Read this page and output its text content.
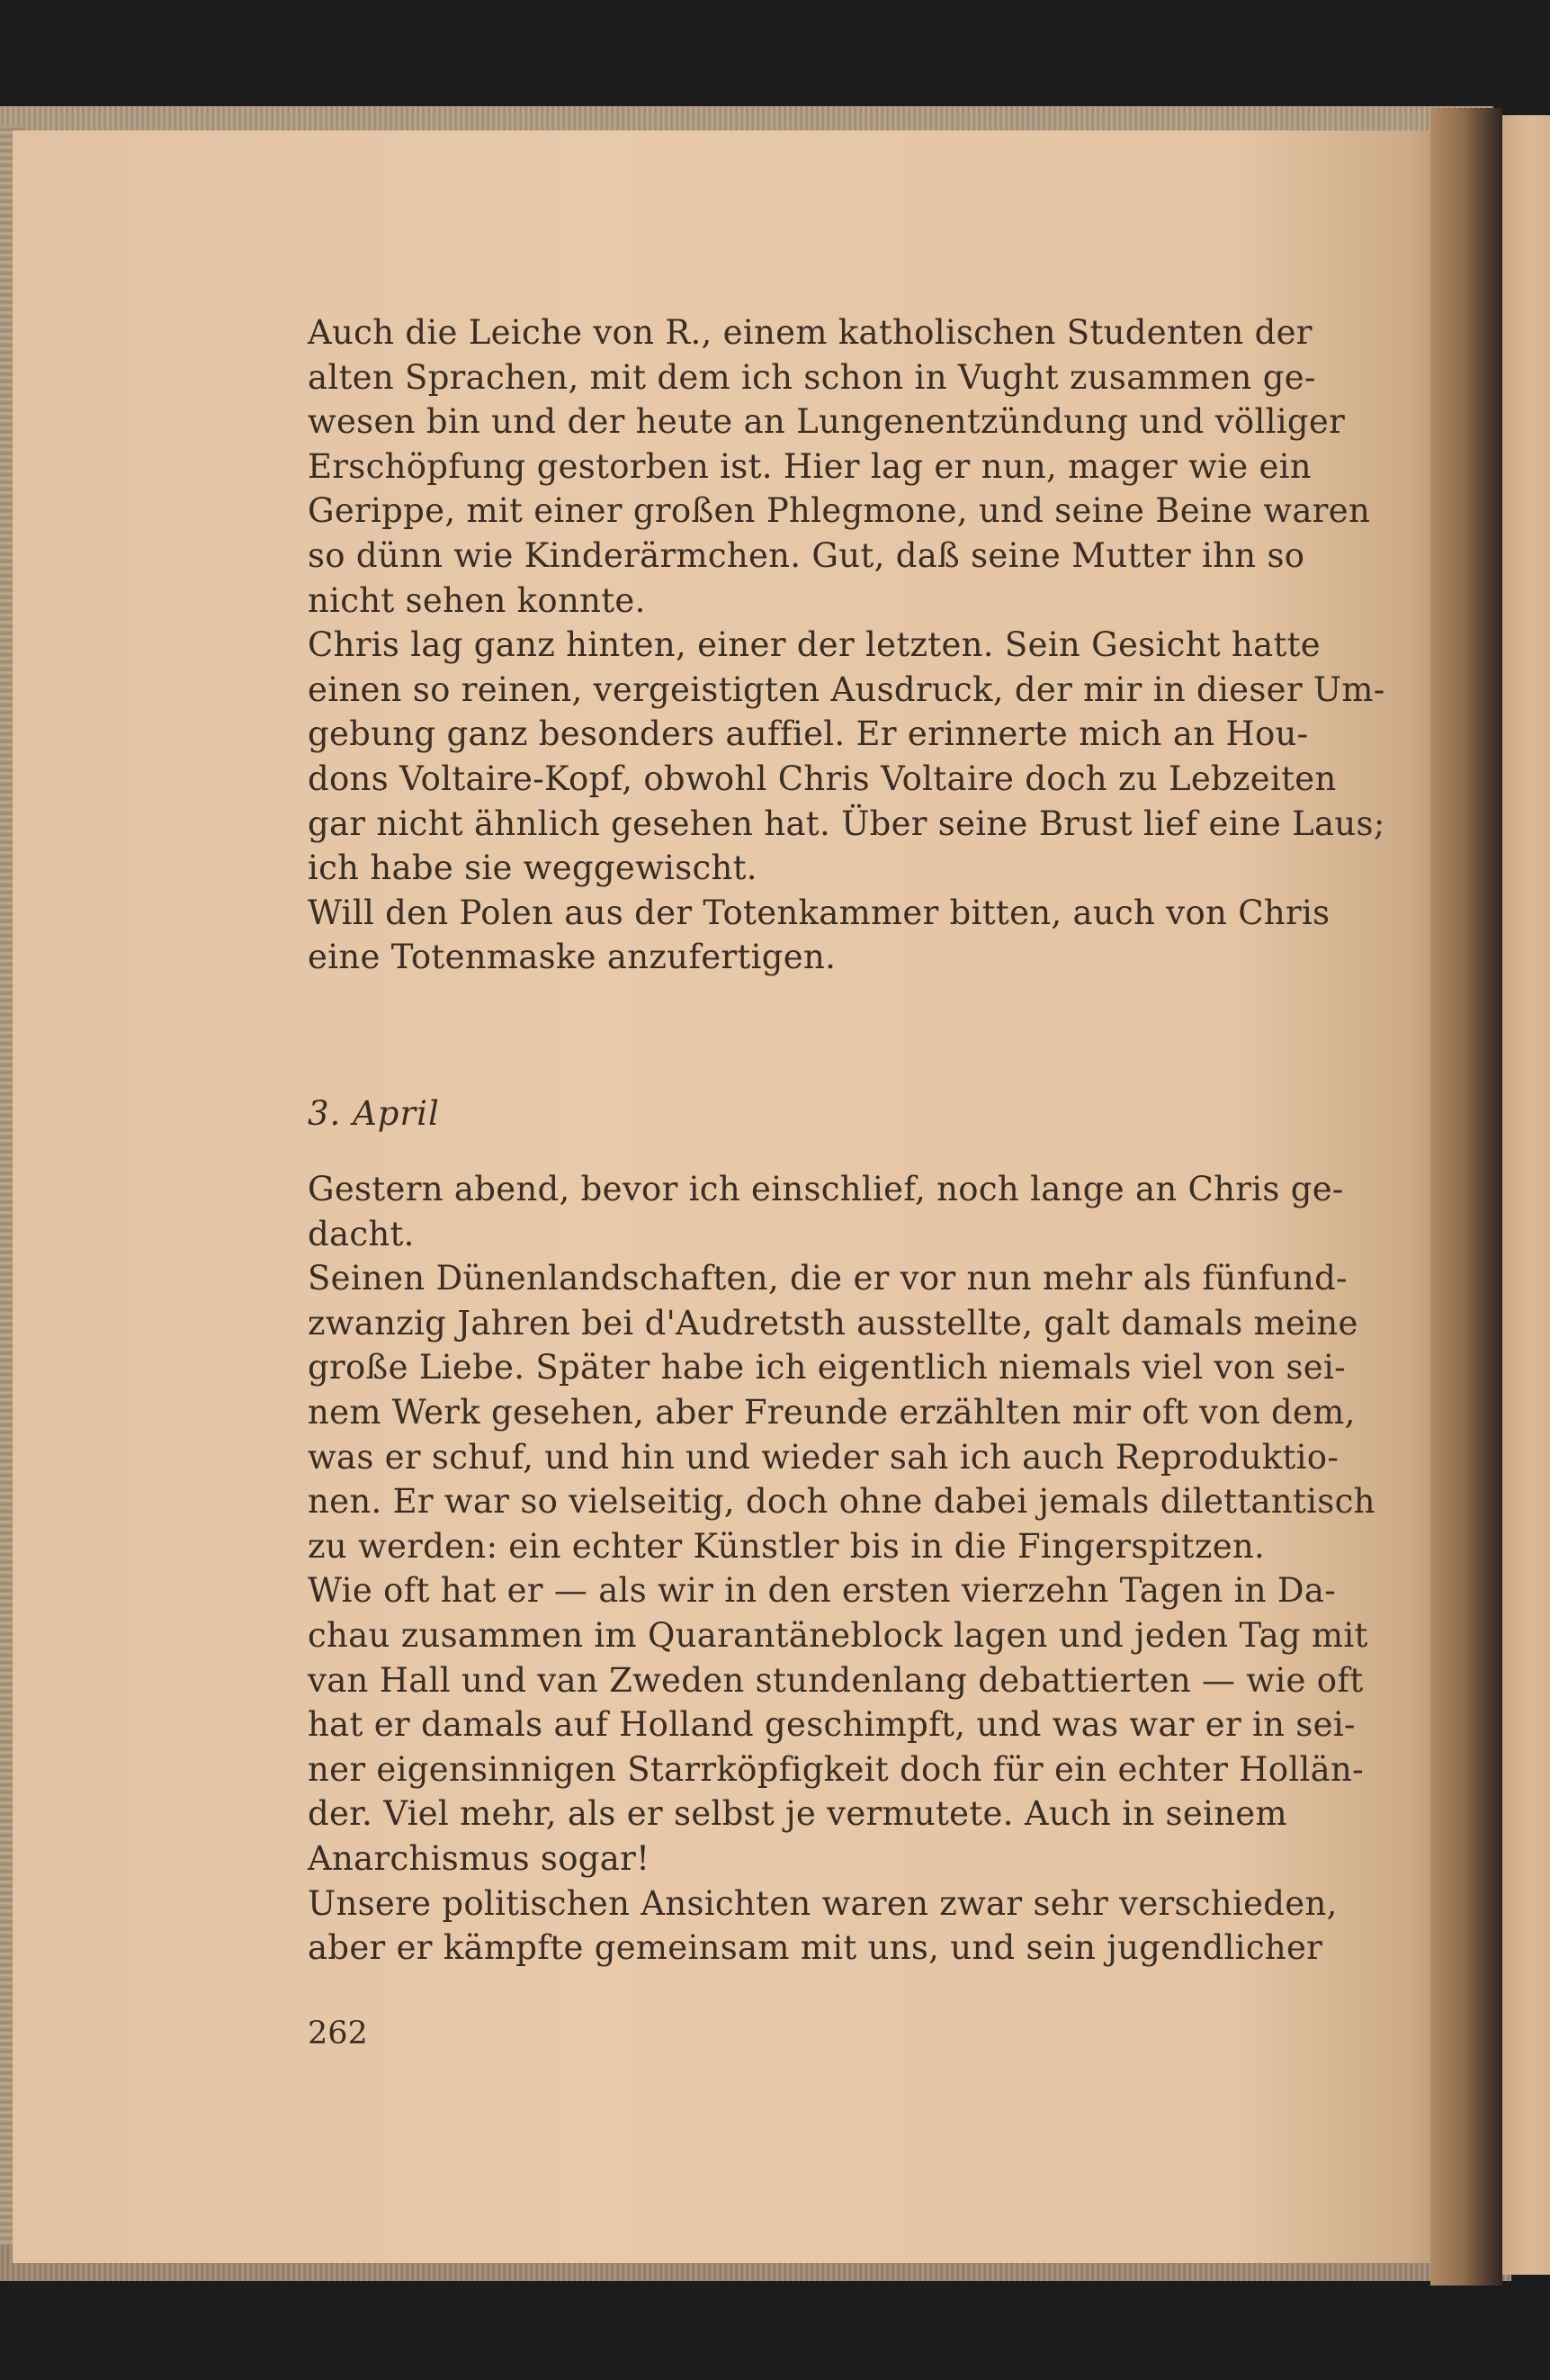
Auch die Leiche von R., einem katholischen Studenten der
alten Sprachen, mit dem ich schon in Vught zusammen ge-
wesen bin und der heute an Lungenentzündung und völliger
Erschöpfung gestorben ist. Hier lag er nun, mager wie ein
Gerippe, mit einer großen Phlegmone, und seine Beine waren
so dünn wie Kinderärmchen. Gut, daß seine Mutter ihn so
nicht sehen konnte.
Chris lag ganz hinten, einer der letzten. Sein Gesicht hatte
einen so reinen, vergeistigten Ausdruck, der mir in dieser Um-
gebung ganz besonders auffiel. Er erinnerte mich an Hou-
dons Voltaire-Kopf, obwohl Chris Voltaire doch zu Lebzeiten
gar nicht ähnlich gesehen hat. Über seine Brust lief eine Laus;
ich habe sie weggewischt.
Will den Polen aus der Totenkammer bitten, auch von Chris
eine Totenmaske anzufertigen.
3. April
Gestern abend, bevor ich einschlief, noch lange an Chris ge-
dacht.
Seinen Dünenlandschaften, die er vor nun mehr als fünfund-
zwanzig Jahren bei d'Audretsth ausstellte, galt damals meine
große Liebe. Später habe ich eigentlich niemals viel von sei-
nem Werk gesehen, aber Freunde erzählten mir oft von dem,
was er schuf, und hin und wieder sah ich auch Reproduktio-
nen. Er war so vielseitig, doch ohne dabei jemals dilettantisch
zu werden: ein echter Künstler bis in die Fingerspitzen.
Wie oft hat er — als wir in den ersten vierzehn Tagen in Da-
chau zusammen im Quarantäneblock lagen und jeden Tag mit
van Hall und van Zweden stundenlang debattierten — wie oft
hat er damals auf Holland geschimpft, und was war er in sei-
ner eigensinnigen Starrköpfigkeit doch für ein echter Hollän-
der. Viel mehr, als er selbst je vermutete. Auch in seinem
Anarchismus sogar!
Unsere politischen Ansichten waren zwar sehr verschieden,
aber er kämpfte gemeinsam mit uns, und sein jugendlicher
262
